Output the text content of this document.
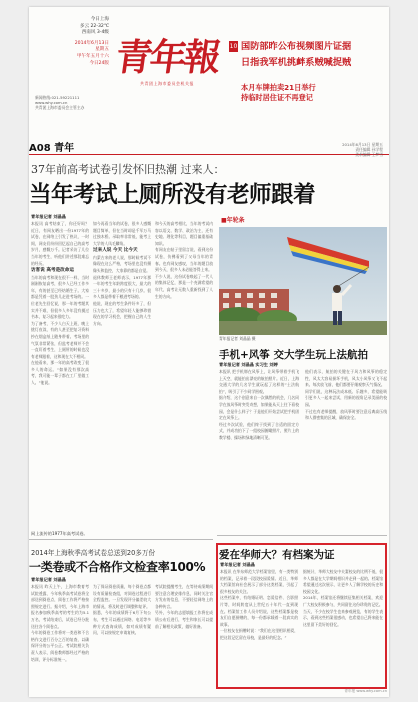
今日上海
多云 22-32℃
西南风 3-4级
2014年6月13日
星期五
甲午年五月十六
今日24版
新闻热线:021-59221111
www.why.com.cn
共青团上海市委员会主管主办
青年報
共青团上海市委员会机关报
10 国防部昨公布视频图片证据
日指我军机挑衅系贼喊捉贼
本月车牌拍卖21日举行
持临时居住证不再登记
A08 青年	2014年6月13日 星期五
责任编辑 孙学程
美术编辑 王梦雪
37年前高考试卷引发怀旧热潮 过来人：
当年考试上厕所没有老师跟着
青年报记者 刘晶晶
本报讯 高考结束了，你还好吗？近日，有网友晒出一份1977年的试卷，在网络上引发了热议，一时间，网友们纷纷回忆起自己的高考岁月，感慨万千。记者采访了几位当年的考生，听他们讲述那段难忘的经历。
访客说 高考是改命运
当年的高考和现在很不一样，当时刚刚恢复高考，很多人已经工作多年，有的甚至已经结婚生子。大家都是凭着一股劲儿走进考场的。一位老先生回忆说，那一年的考题其实并不难，但很多人多年没有摸过书本，复习起来很吃力。
为了备考，不少人白天上班，晚上挑灯夜读，有的人甚至把复习资料抄在烟盒纸上随身带着。考场里的气氛非常紧张，但监考老师并不会一直盯着考生，上厕所的时候也没有老师跟着，这和现在大不相同。
在他看来，那一年的高考改变了很多人的命运。“如果没有那次高考，我可能一辈子都在工厂里做工人。”他说。
如今再看当年的试卷，很多人感慨题目简单，但在当时却是千军万马过独木桥。录取率非常低，能考上大学的人凤毛麟角。
过来人说 今天 比今天
内蒙古来的老人说，那时候考试不像现在这么严格，考场里也没有摄像头和监控，大家靠的都是自觉。
退休教师王老师表示，1977年那一年的考生年龄跨度很大，最大的三十多岁，最小的只有十几岁。很多人都是带着干粮进考场的。
他说，现在的考生条件好多了，但压力也大了，希望年轻人能够珍惜现在的学习机会，把握自己的人生方向。
和今天的高考相比，当年的考试内容以语文、数学、政治为主，还有史地、理化等科目，题目偏重基础知识。
有网友在帖子里留言说，看到这份试卷，仿佛看到了父母当年的青春。也有网友感叹，当年的题目放到今天，很多人未必能答得上来。
不少人说，这份试卷唤起了一代人的集体记忆，那是一个充满希望的年代，高考让无数人重新找到了人生的方向。
网上流传的1977年高考试卷。
■年轮条
青年报记者 刘晶晶 摄
手机+风筝 交大学生玩上法航拍
青年报记者 刘晶晶 实习生 刘婷
本报讯 把手机绑在风筝上，让风筝带着手机飞上天空，就能拍出漂亮的航拍照片。近日，上海交通大学的几名学生就玩起了这样的“土法航拍”，吸引了不少同学围观。
据介绍，这个创意来自一次偶然的机会，几名同学在放风筝时突发奇想，如果能从天上往下看校园，会是什么样子？于是他们开始尝试把手机固定在风筝上。
经过多次试验，他们终于找到了合适的固定方式，并成功拍下了一组校园俯瞰照片，照片上的教学楼、操场和绿地清晰可见。
他们表示，航拍的关键在于风力和风筝的稳定性，风太大容易损坏手机，风太小风筝又飞不起来。每次放飞前，他们都要仔细观察天气情况。
同学们说，这种玩法成本低、乐趣多，希望能吸引更多人一起来尝试，用新的视角记录美丽的校园。
不过也有老师提醒，放风筝时要注意远离高压线和人群密集的区域，确保安全。
2014年上海秋季高考试卷总送到20多万份
一类卷或不合格作文检查率100%
青年报记者 刘晶晶
本报讯 昨天上午，上海市教育考试院透露，今年秋季高考试卷将全部送到阅卷点，阅卷工作将严格按照规定进行。据介绍，今年上海市报名参加秋季高考的考生约为5.1万名，考试结束后，试卷已经分批送往各个阅卷点。
今年的阅卷工作将对一类卷和不合格作文进行百分之百的复查，以确保评分的公平公正。考试院相关负责人表示，阅卷教师都经过严格的培训，评分标准统一。
为了保证阅卷质量，每个阅卷点都设有质量检查组，对阅卷过程进行全程监控。一旦发现评分偏差较大的情况，将及时进行调整和复评。
据悉，今年的成绩将于6月下旬公布，考生可以通过网络、电话等多种方式查询成绩，如对成绩有疑问，可以按规定申请复核。
考试院提醒考生，在等待成绩期间要注意合理安排作息，同时关注官方发布的信息，不要轻信网络上的各种传言。
另外，今年的志愿填报工作将在成绩公布后进行，考生和家长可以提前了解相关政策，做好准备。
爱在华师大？有档案为证
青年报记者 刘晶晶
本报讯 在华东师范大学档案馆里，有一类特别的档案，记录着一段段校园爱情。近日，华师大档案馆向社会展示了部分这类档案，引起了很多校友的关注。
这些档案中，有结婚证明、恋爱信件、合影照片等，时间跨度从上世纪五十年代一直到现在。档案馆工作人员介绍说，这些档案都是校友们自愿捐赠的，每一份都承载着一段真实的故事。
一位校友在捐赠时说：“我们在这里相识相爱，把这段记忆留在母校，是最好的纪念。”
据统计，华师大校友中夫妻校友的比例不低，很多人都是在大学期间相识并走到一起的。档案馆希望通过这次展示，让更多人了解学校的历史和校园文化。
2014年，档案馆还将继续征集相关档案，欢迎广大校友积极参与，共同留住这份珍贵的记忆。
当天，不少在校学生也来参观展览，有的学生表示，看到这些档案很感动，也希望自己将来能在这里留下美好的回忆。
青年报 www.why.com.cn
